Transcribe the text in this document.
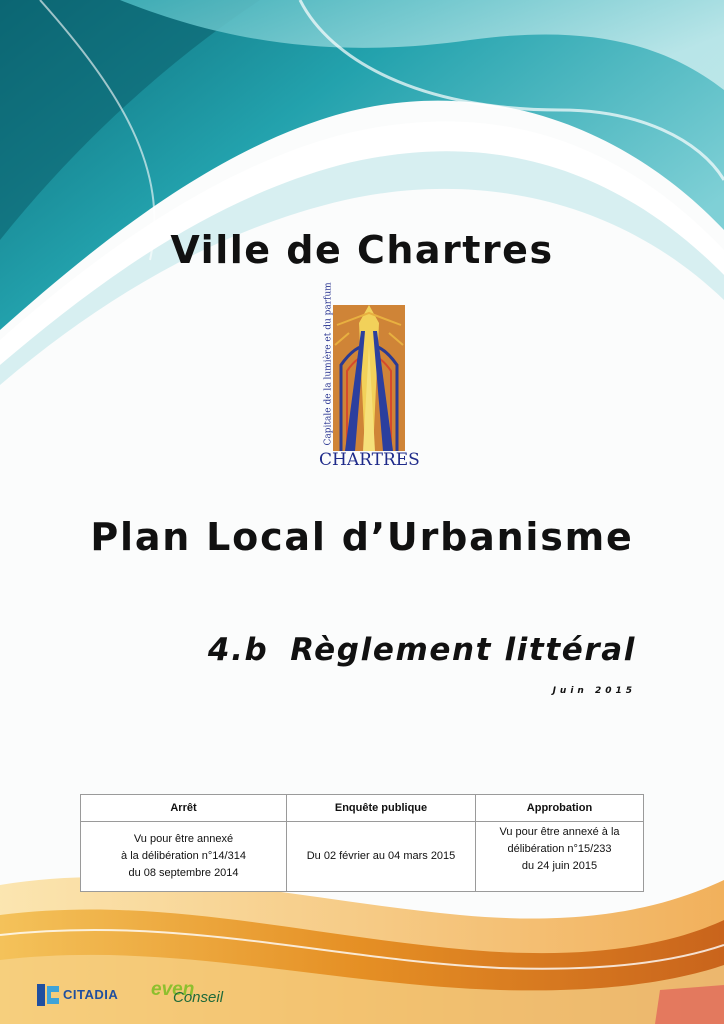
Ville de Chartres
Capitale de la lumière et du parfum
CHARTRES
Plan Local d’Urbanisme
4.b Règlement littéral
Juin 2015
Arrêt	Enquête publique	Approbation
Vu pour être annexé
à la délibération n°14/314
du 08 septembre 2014	Du 02 février au 04 mars 2015	Vu pour être annexé à la
délibération n°15/233
du 24 juin 2015
CITADIA even
Conseil
